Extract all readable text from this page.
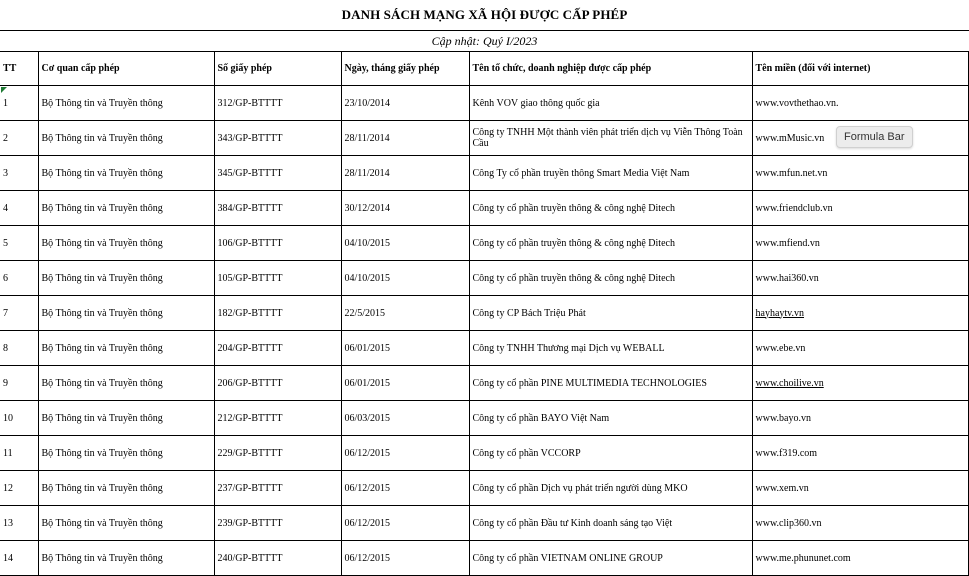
DANH SÁCH MẠNG XÃ HỘI ĐƯỢC CẤP PHÉP
Cập nhật: Quý I/2023
TT	Cơ quan cấp phép	Số giấy phép	Ngày, tháng giấy phép	Tên tổ chức, doanh nghiệp được cấp phép	Tên miền (đối với internet)
1	Bộ Thông tin và Truyền thông	312/GP-BTTTT	23/10/2014	Kênh VOV giao thông quốc gia	www.vovthethao.vn.
2	Bộ Thông tin và Truyền thông	343/GP-BTTTT	28/11/2014	Công ty TNHH Một thành viên phát triển dịch vụ Viễn Thông Toàn Cầu	www.mMusic.vn
3	Bộ Thông tin và Truyền thông	345/GP-BTTTT	28/11/2014	Công Ty cổ phần truyền thông Smart Media Việt Nam	www.mfun.net.vn
4	Bộ Thông tin và Truyền thông	384/GP-BTTTT	30/12/2014	Công ty cổ phần truyền thông & công nghệ Ditech	www.friendclub.vn
5	Bộ Thông tin và Truyền thông	106/GP-BTTTT	04/10/2015	Công ty cổ phần truyền thông & công nghệ Ditech	www.mfiend.vn
6	Bộ Thông tin và Truyền thông	105/GP-BTTTT	04/10/2015	Công ty cổ phần truyền thông & công nghệ Ditech	www.hai360.vn
7	Bộ Thông tin và Truyền thông	182/GP-BTTTT	22/5/2015	Công ty CP Bách Triệu Phát	hayhaytv.vn
8	Bộ Thông tin và Truyền thông	204/GP-BTTTT	06/01/2015	Công ty TNHH Thương mại Dịch vụ WEBALL	www.ebe.vn
9	Bộ Thông tin và Truyền thông	206/GP-BTTTT	06/01/2015	Công ty cổ phần PINE MULTIMEDIA TECHNOLOGIES	www.choilive.vn
10	Bộ Thông tin và Truyền thông	212/GP-BTTTT	06/03/2015	Công ty cổ phần BAYO Việt Nam	www.bayo.vn
11	Bộ Thông tin và Truyền thông	229/GP-BTTTT	06/12/2015	Công ty cổ phần VCCORP	www.f319.com
12	Bộ Thông tin và Truyền thông	237/GP-BTTTT	06/12/2015	Công ty cổ phần Dịch vụ phát triển người dùng MKO	www.xem.vn
13	Bộ Thông tin và Truyền thông	239/GP-BTTTT	06/12/2015	Công ty cổ phần Đầu tư Kinh doanh sáng tạo Việt	www.clip360.vn
14	Bộ Thông tin và Truyền thông	240/GP-BTTTT	06/12/2015	Công ty cổ phần VIETNAM ONLINE GROUP	www.me.phununet.com
Formula Bar
